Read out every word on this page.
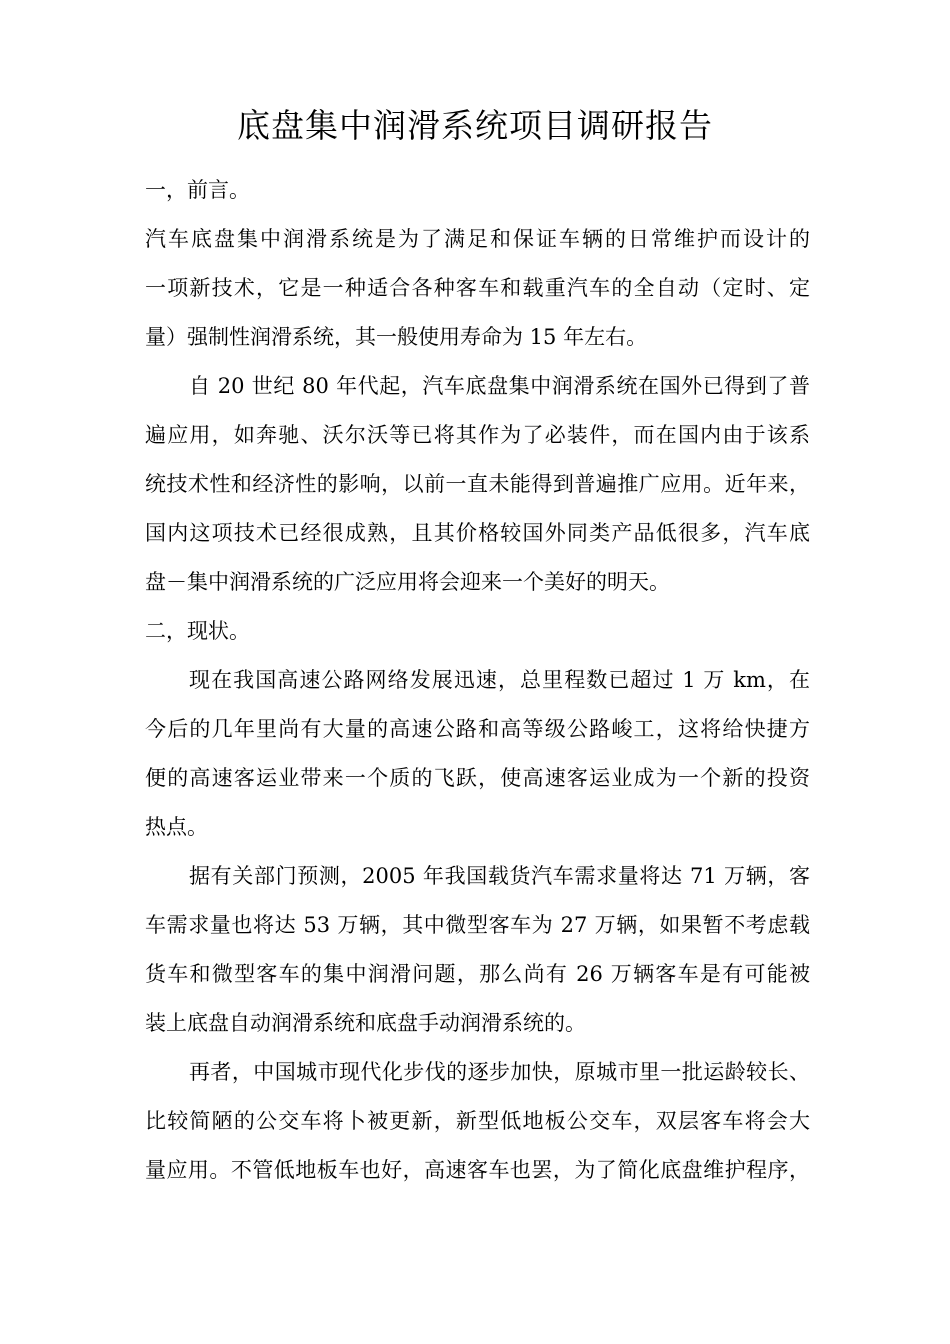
底盘集中润滑系统项目调研报告
一，前言。
汽车底盘集中润滑系统是为了满足和保证车辆的日常维护而设计的
一项新技术，它是一种适合各种客车和载重汽车的全自动（定时、定
量）强制性润滑系统，其一般使用寿命为 15 年左右。
自 20 世纪 80 年代起，汽车底盘集中润滑系统在国外已得到了普
遍应用，如奔驰、沃尔沃等已将其作为了必装件，而在国内由于该系
统技术性和经济性的影响，以前一直未能得到普遍推广应用。近年来，
国内这项技术已经很成熟，且其价格较国外同类产品低很多，汽车底
盘－集中润滑系统的广泛应用将会迎来一个美好的明天。
二，现状。
现在我国高速公路网络发展迅速，总里程数已超过 1 万 km，在
今后的几年里尚有大量的高速公路和高等级公路峻工，这将给快捷方
便的高速客运业带来一个质的飞跃，使高速客运业成为一个新的投资
热点。
据有关部门预测，2005 年我国载货汽车需求量将达 71 万辆，客
车需求量也将达 53 万辆，其中微型客车为 27 万辆，如果暂不考虑载
货车和微型客车的集中润滑问题，那么尚有 26 万辆客车是有可能被
装上底盘自动润滑系统和底盘手动润滑系统的。
再者，中国城市现代化步伐的逐步加快，原城市里一批运龄较长、
比较简陋的公交车将卜被更新，新型低地板公交车，双层客车将会大
量应用。不管低地板车也好，高速客车也罢，为了简化底盘维护程序，
